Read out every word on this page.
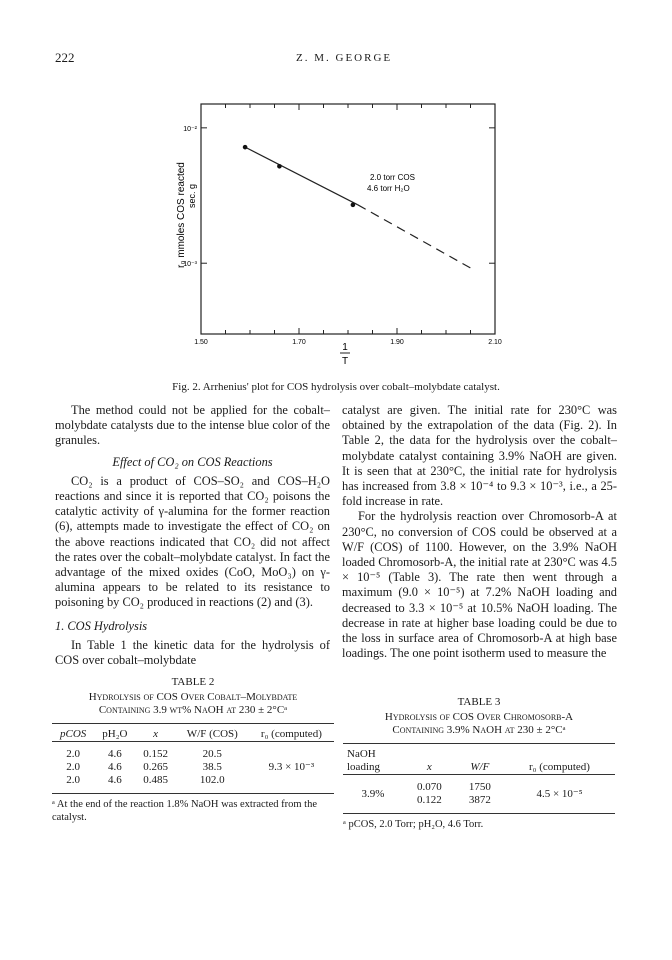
222	Z. M. GEORGE
1.50	1.70	1.90	2.10
10⁻²
10⁻³
2.0 torr COS
4.6 torr H₂O
r₀ mmoles COS reacted sec. g
1
T
Fig. 2. Arrhenius' plot for COS hydrolysis over cobalt–molybdate catalyst.

The method could not be applied for the cobalt–molybdate catalysts due to the intense blue color of the granules.

Effect of CO₂ on COS Reactions

CO₂ is a product of COS–SO₂ and COS–H₂O reactions and since it is reported that CO₂ poisons the catalytic activity of γ-alumina for the former reaction (6), attempts made to investigate the effect of CO₂ on the above reactions indicated that CO₂ did not affect the rates over the cobalt–molybdate catalyst. In fact the advantage of the mixed oxides (CoO, MoO₃) on γ-alumina appears to be related to its resistance to poisoning by CO₂ produced in reactions (2) and (3).

1. COS Hydrolysis

In Table 1 the kinetic data for the hydrolysis of COS over cobalt–molybdate

catalyst are given. The initial rate for 230°C was obtained by the extrapolation of the data (Fig. 2). In Table 2, the data for the hydrolysis over the cobalt–molybdate catalyst containing 3.9% NaOH are given. It is seen that at 230°C, the initial rate for hydrolysis has increased from 3.8 × 10⁻⁴ to 9.3 × 10⁻³, i.e., a 25-fold increase in rate.

For the hydrolysis reaction over Chromosorb-A at 230°C, no conversion of COS could be observed at a W/F (COS) of 1100. However, on the 3.9% NaOH loaded Chromosorb-A, the initial rate at 230°C was 4.5 × 10⁻⁵ (Table 3). The rate then went through a maximum (9.0 × 10⁻⁵) at 7.2% NaOH loading and decreased to 3.3 × 10⁻⁵ at 10.5% NaOH loading. The decrease in rate at higher base loading could be due to the loss in surface area of Chromosorb-A at high base loadings. The one point isotherm used to measure the

TABLE 2
Hydrolysis of COS Over Cobalt–Molybdate
Containing 3.9 wt% NaOH at 230 ± 2°Cᵃ
pCOS	pH₂O	x	W/F (COS)	r₀ (computed)
2.0	4.6	0.152	20.5	9.3 × 10⁻³
2.0	4.6	0.265	38.5	
2.0	4.6	0.485	102.0	

ᵃ At the end of the reaction 1.8% NaOH was extracted from the catalyst.
TABLE 3
Hydrolysis of COS Over Chromosorb-A
Containing 3.9% NaOH at 230 ± 2°Cᵃ
NaOH loading	x	W/F	r₀ (computed)
3.9%	0.070	1750	4.5 × 10⁻⁵
	0.122	3872	

ᵃ pCOS, 2.0 Torr; pH₂O, 4.6 Torr.
